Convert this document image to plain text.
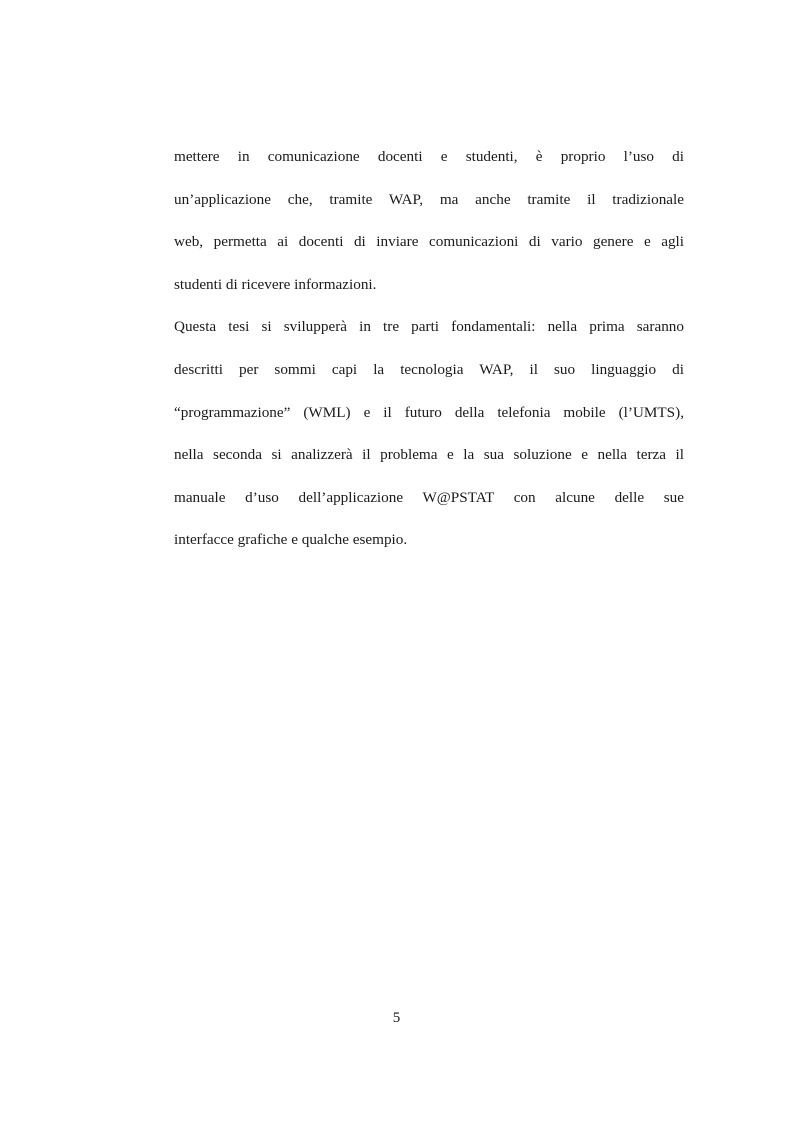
mettere in comunicazione docenti e studenti, è proprio l’uso di
un’applicazione che, tramite WAP, ma anche tramite il tradizionale
web, permetta ai docenti di inviare comunicazioni di vario genere e agli
studenti di ricevere informazioni.
Questa tesi si svilupperà in tre parti fondamentali: nella prima saranno
descritti per sommi capi la tecnologia WAP, il suo linguaggio di
“programmazione” (WML) e il futuro della telefonia mobile (l’UMTS),
nella seconda si analizzerà il problema e la sua soluzione e nella terza il
manuale d’uso dell’applicazione W@PSTAT con alcune delle sue
interfacce grafiche e qualche esempio.
5
